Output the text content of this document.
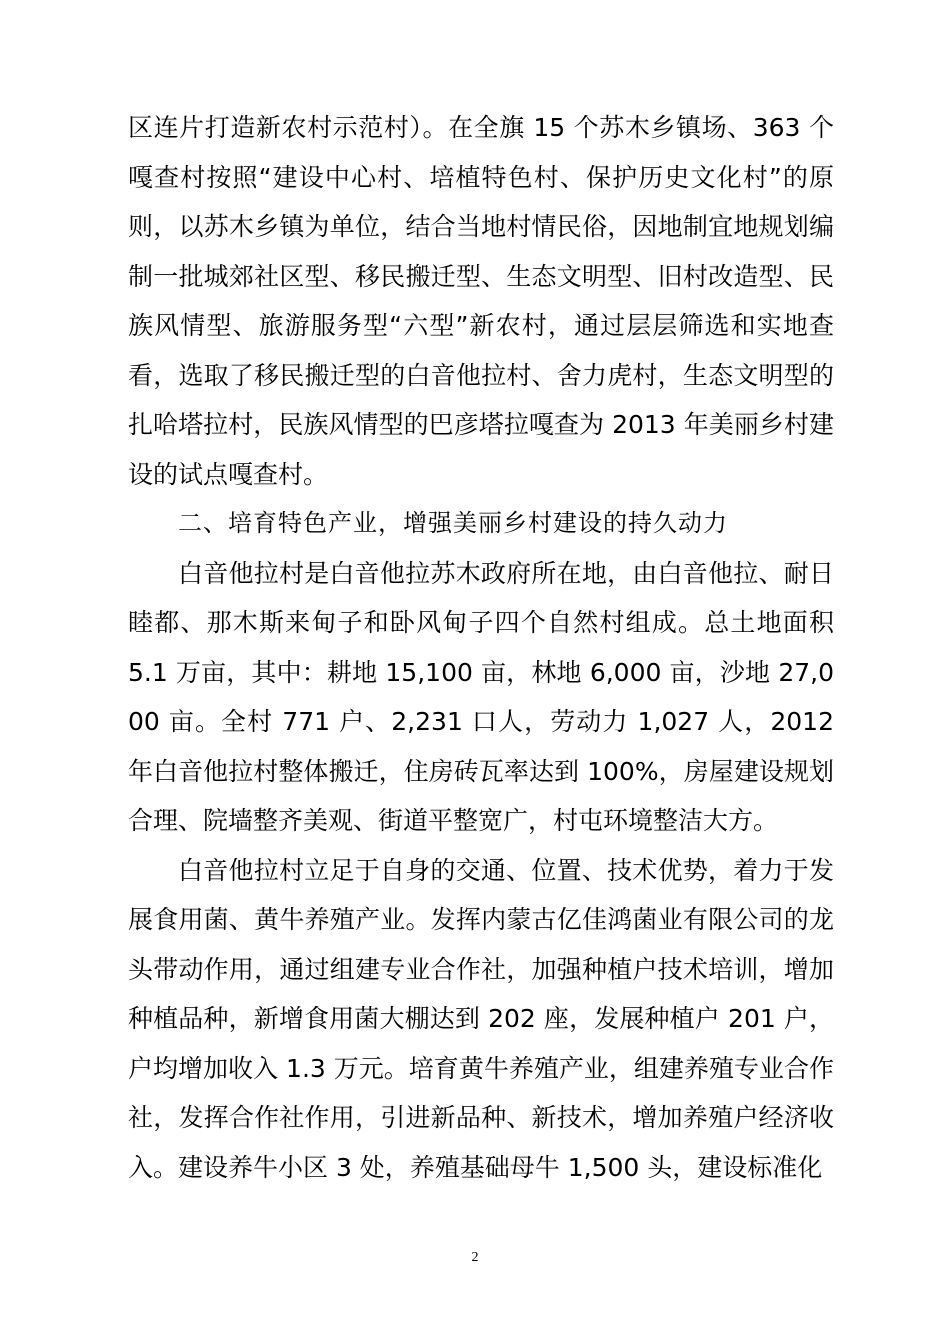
区连片打造新农村示范村）。在全旗 15 个苏木乡镇场、363 个嘎查村按照“建设中心村、培植特色村、保护历史文化村”的原则，以苏木乡镇为单位，结合当地村情民俗，因地制宜地规划编制一批城郊社区型、移民搬迁型、生态文明型、旧村改造型、民族风情型、旅游服务型“六型”新农村，通过层层筛选和实地查看，选取了移民搬迁型的白音他拉村、舍力虎村，生态文明型的扎哈塔拉村，民族风情型的巴彦塔拉嘎查为 2013 年美丽乡村建设的试点嘎查村。

二、培育特色产业，增强美丽乡村建设的持久动力

白音他拉村是白音他拉苏木政府所在地，由白音他拉、耐日睦都、那木斯来甸子和卧风甸子四个自然村组成。总土地面积 5.1 万亩，其中：耕地 15,100 亩，林地 6,000 亩，沙地 27,000 亩。全村 771 户、2,231 口人，劳动力 1,027 人，2012 年白音他拉村整体搬迁，住房砖瓦率达到 100%，房屋建设规划合理、院墙整齐美观、街道平整宽广，村屯环境整洁大方。

白音他拉村立足于自身的交通、位置、技术优势，着力于发展食用菌、黄牛养殖产业。发挥内蒙古亿佳鸿菌业有限公司的龙头带动作用，通过组建专业合作社，加强种植户技术培训，增加种植品种，新增食用菌大棚达到 202 座，发展种植户 201 户，户均增加收入 1.3 万元。培育黄牛养殖产业，组建养殖专业合作社，发挥合作社作用，引进新品种、新技术，增加养殖户经济收入。建设养牛小区 3 处，养殖基础母牛 1,500 头，建设标准化

2
